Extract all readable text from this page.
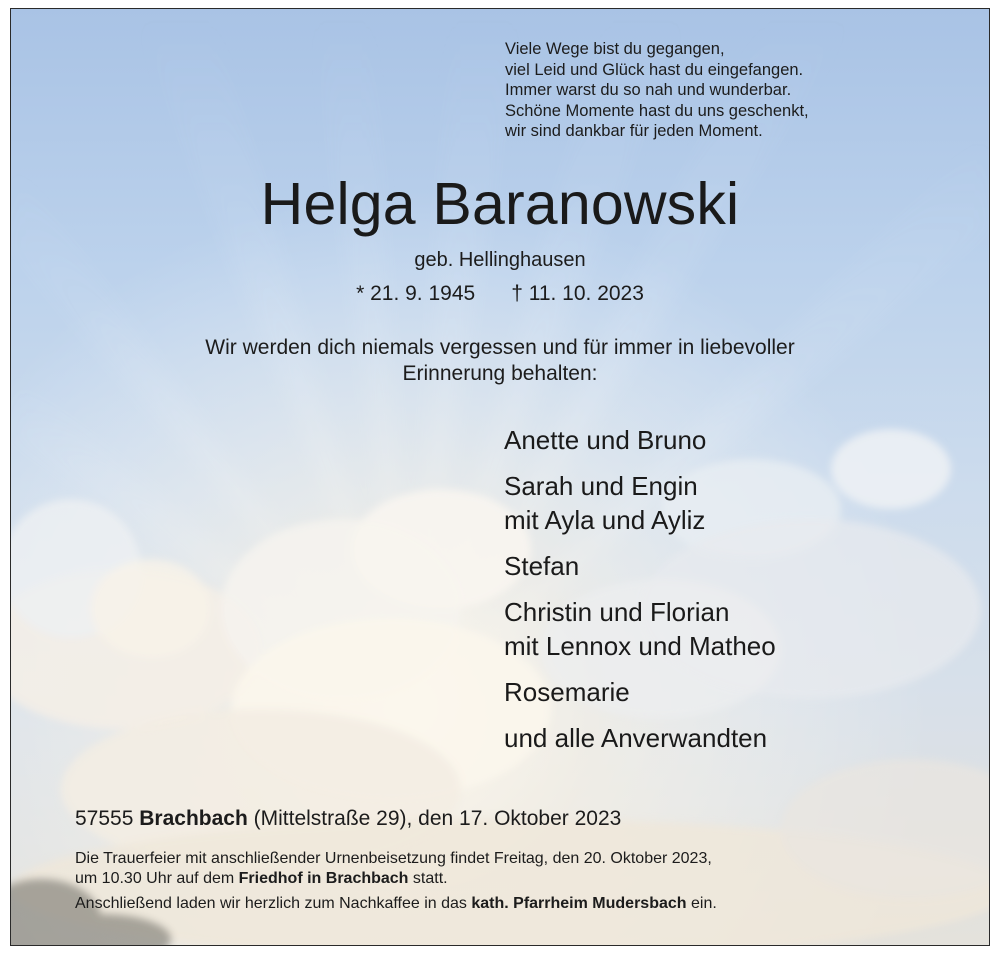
Viele Wege bist du gegangen,
viel Leid und Glück hast du eingefangen.
Immer warst du so nah und wunderbar.
Schöne Momente hast du uns geschenkt,
wir sind dankbar für jeden Moment.
Helga Baranowski
geb. Hellinghausen
* 21. 9. 1945 † 11. 10. 2023
Wir werden dich niemals vergessen und für immer in liebevoller
Erinnerung behalten:
Anette und Bruno
Sarah und Engin
mit Ayla und Ayliz
Stefan
Christin und Florian
mit Lennox und Matheo
Rosemarie
und alle Anverwandten
57555 Brachbach (Mittelstraße 29), den 17. Oktober 2023

Die Trauerfeier mit anschließender Urnenbeisetzung findet Freitag, den 20. Oktober 2023,
um 10.30 Uhr auf dem Friedhof in Brachbach statt.

Anschließend laden wir herzlich zum Nachkaffee in das kath. Pfarrheim Mudersbach ein.
